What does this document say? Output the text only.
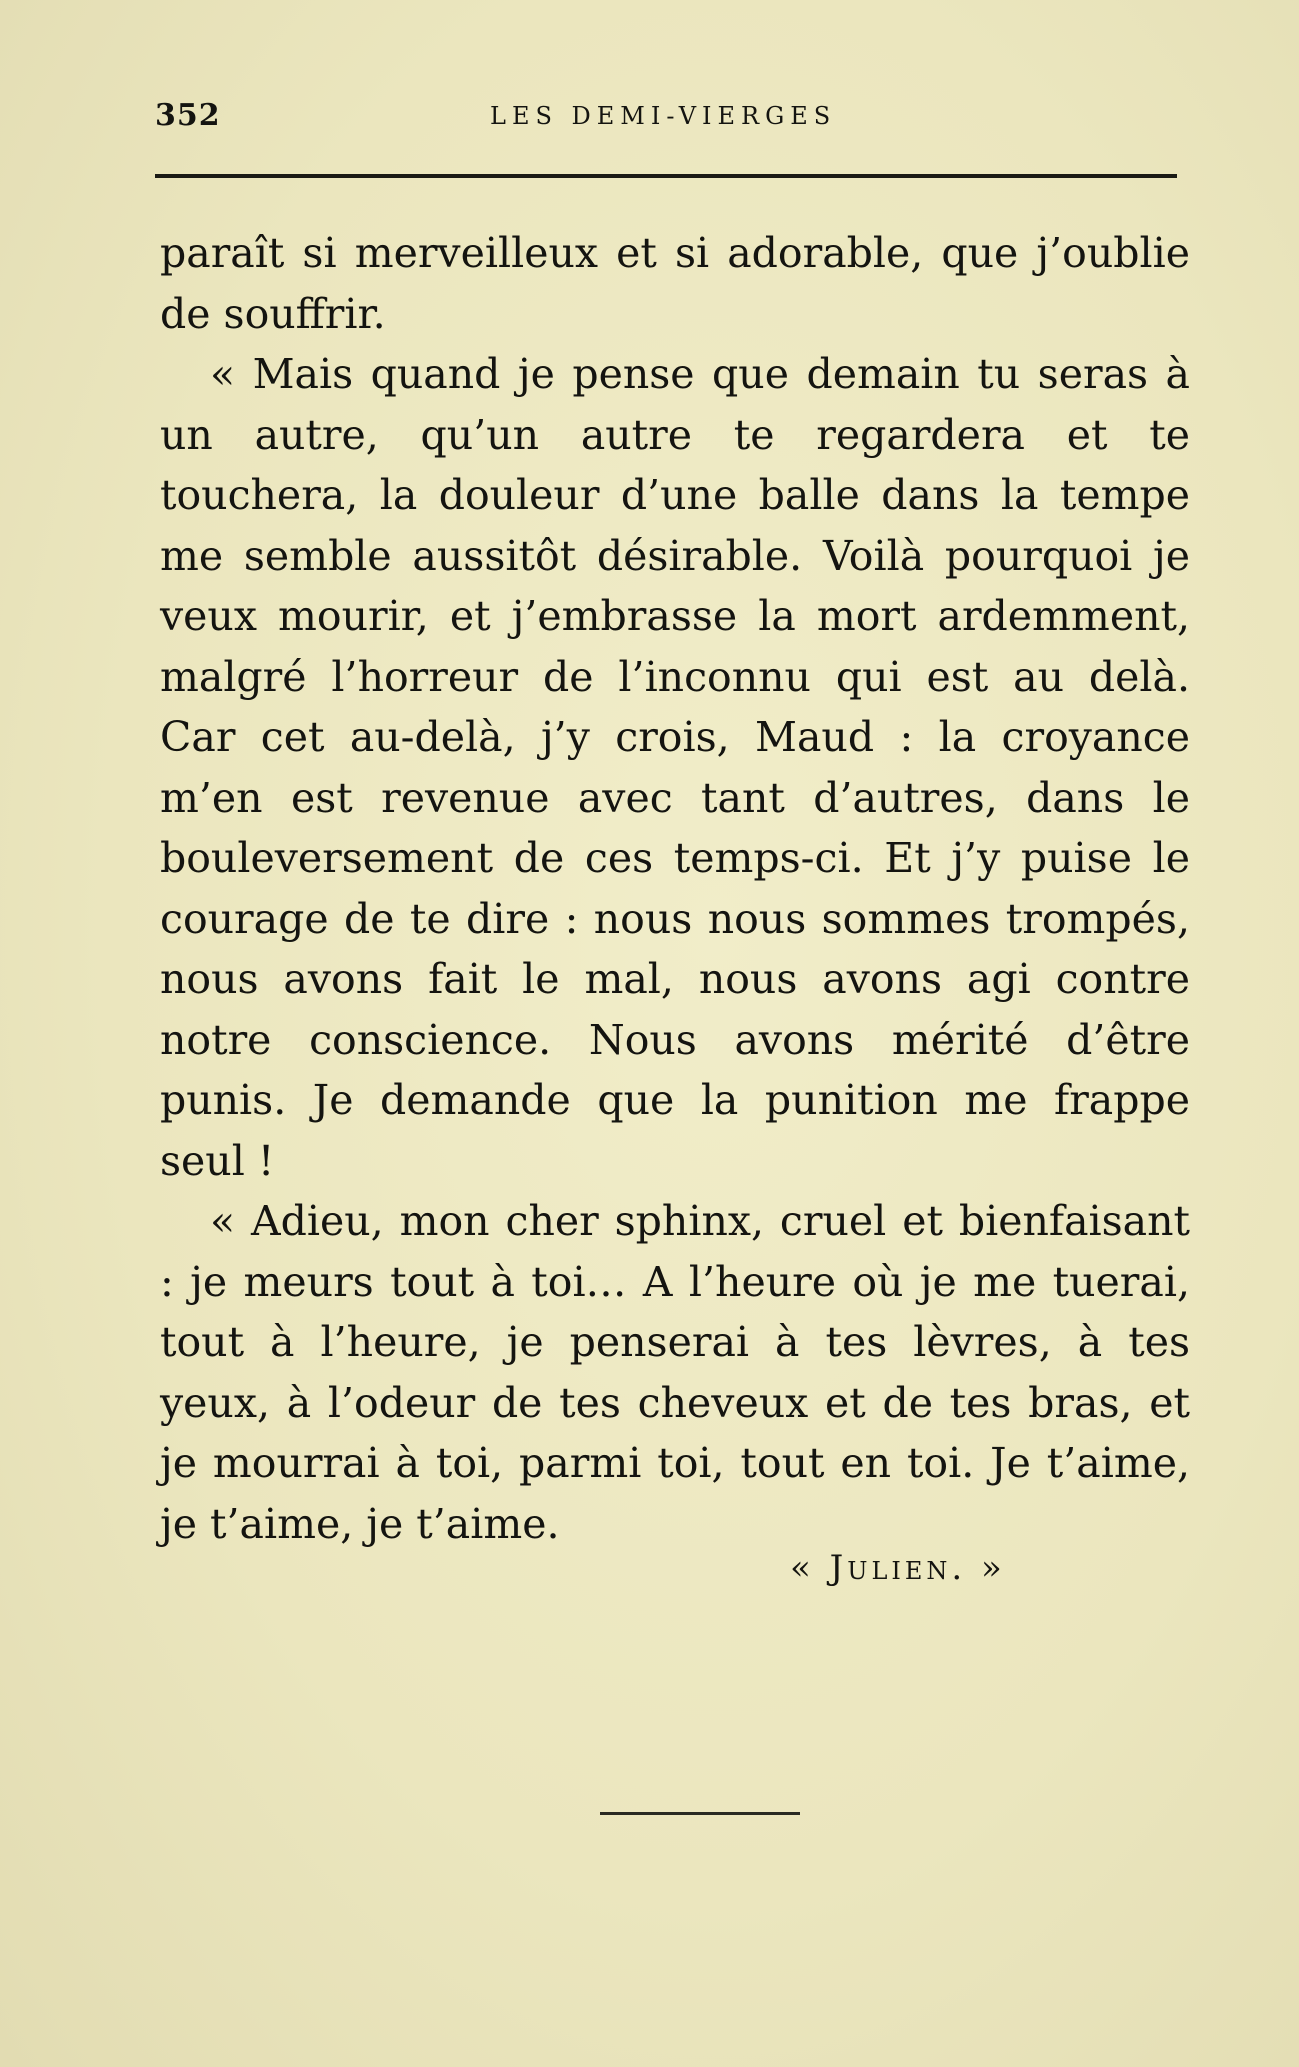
352	LES DEMI-VIERGES

paraît si merveilleux et si adorable, que j’oublie de souffrir.

« Mais quand je pense que demain tu seras à un autre, qu’un autre te regardera et te touchera, la douleur d’une balle dans la tempe me semble aussitôt désirable. Voilà pourquoi je veux mourir, et j’embrasse la mort ardemment, malgré l’horreur de l’inconnu qui est au delà. Car cet au-delà, j’y crois, Maud : la croyance m’en est revenue avec tant d’autres, dans le bouleversement de ces temps-ci. Et j’y puise le courage de te dire : nous nous sommes trompés, nous avons fait le mal, nous avons agi contre notre conscience. Nous avons mérité d’être punis. Je demande que la punition me frappe seul !

« Adieu, mon cher sphinx, cruel et bienfaisant : je meurs tout à toi… A l’heure où je me tuerai, tout à l’heure, je penserai à tes lèvres, à tes yeux, à l’odeur de tes cheveux et de tes bras, et je mourrai à toi, parmi toi, tout en toi. Je t’aime, je t’aime, je t’aime.

« Julien. »
